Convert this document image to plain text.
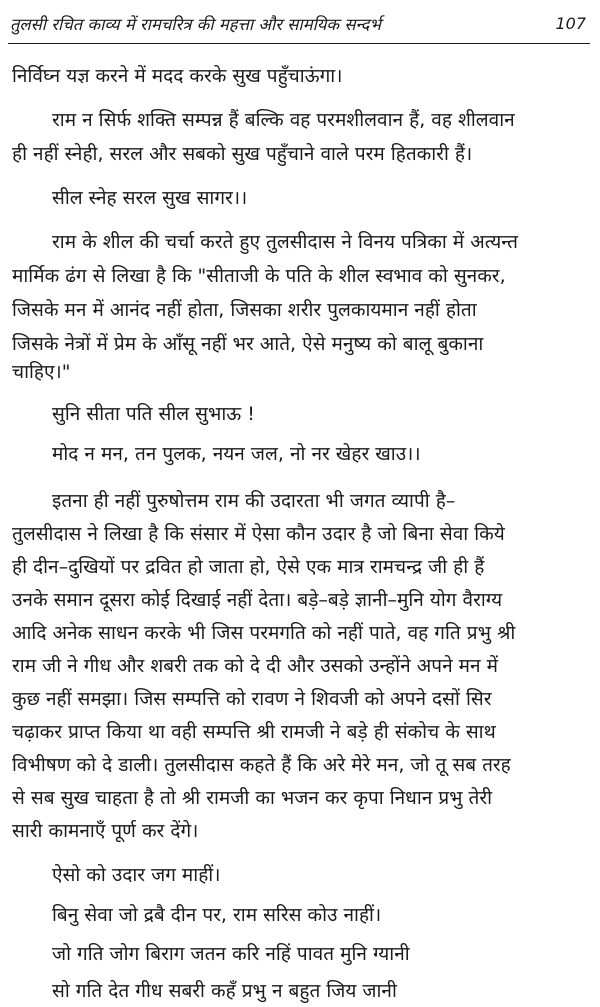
तुलसी रचित काव्य में रामचरित्र की महत्ता और सामयिक सन्दर्भ	107
निर्विघ्न यज्ञ करने में मदद करके सुख पहुँचाऊंगा।
राम न सिर्फ शक्ति सम्पन्न हैं बल्कि वह परमशीलवान हैं, वह शीलवान
ही नहीं स्नेही, सरल और सबको सुख पहुँचाने वाले परम हितकारी हैं।
सील स्नेह सरल सुख सागर।।
राम के शील की चर्चा करते हुए तुलसीदास ने विनय पत्रिका में अत्यन्त
मार्मिक ढंग से लिखा है कि "सीताजी के पति के शील स्वभाव को सुनकर,
जिसके मन में आनंद नहीं होता, जिसका शरीर पुलकायमान नहीं होता
जिसके नेत्रों में प्रेम के आँसू नहीं भर आते, ऐसे मनुष्य को बालू बुकाना
चाहिए।"
सुनि सीता पति सील सुभाऊ !
मोद न मन, तन पुलक, नयन जल, नो नर खेहर खाउ।।
इतना ही नहीं पुरुषोत्तम राम की उदारता भी जगत व्यापी है–
तुलसीदास ने लिखा है कि संसार में ऐसा कौन उदार है जो बिना सेवा किये
ही दीन–दुखियों पर द्रवित हो जाता हो, ऐसे एक मात्र रामचन्द्र जी ही हैं
उनके समान दूसरा कोई दिखाई नहीं देता। बड़े–बड़े ज्ञानी–मुनि योग वैराग्य
आदि अनेक साधन करके भी जिस परमगति को नहीं पाते, वह गति प्रभु श्री
राम जी ने गीध और शबरी तक को दे दी और उसको उन्होंने अपने मन में
कुछ नहीं समझा। जिस सम्पत्ति को रावण ने शिवजी को अपने दसों सिर
चढ़ाकर प्राप्त किया था वही सम्पत्ति श्री रामजी ने बड़े ही संकोच के साथ
विभीषण को दे डाली। तुलसीदास कहते हैं कि अरे मेरे मन, जो तू सब तरह
से सब सुख चाहता है तो श्री रामजी का भजन कर कृपा निधान प्रभु तेरी
सारी कामनाएँ पूर्ण कर देंगे।
ऐसो को उदार जग माहीं।
बिनु सेवा जो द्रबै दीन पर, राम सरिस कोउ नाहीं।
जो गति जोग बिराग जतन करि नहिं पावत मुनि ग्यानी
सो गति देत गीध सबरी कहँ प्रभु न बहुत जिय जानी
